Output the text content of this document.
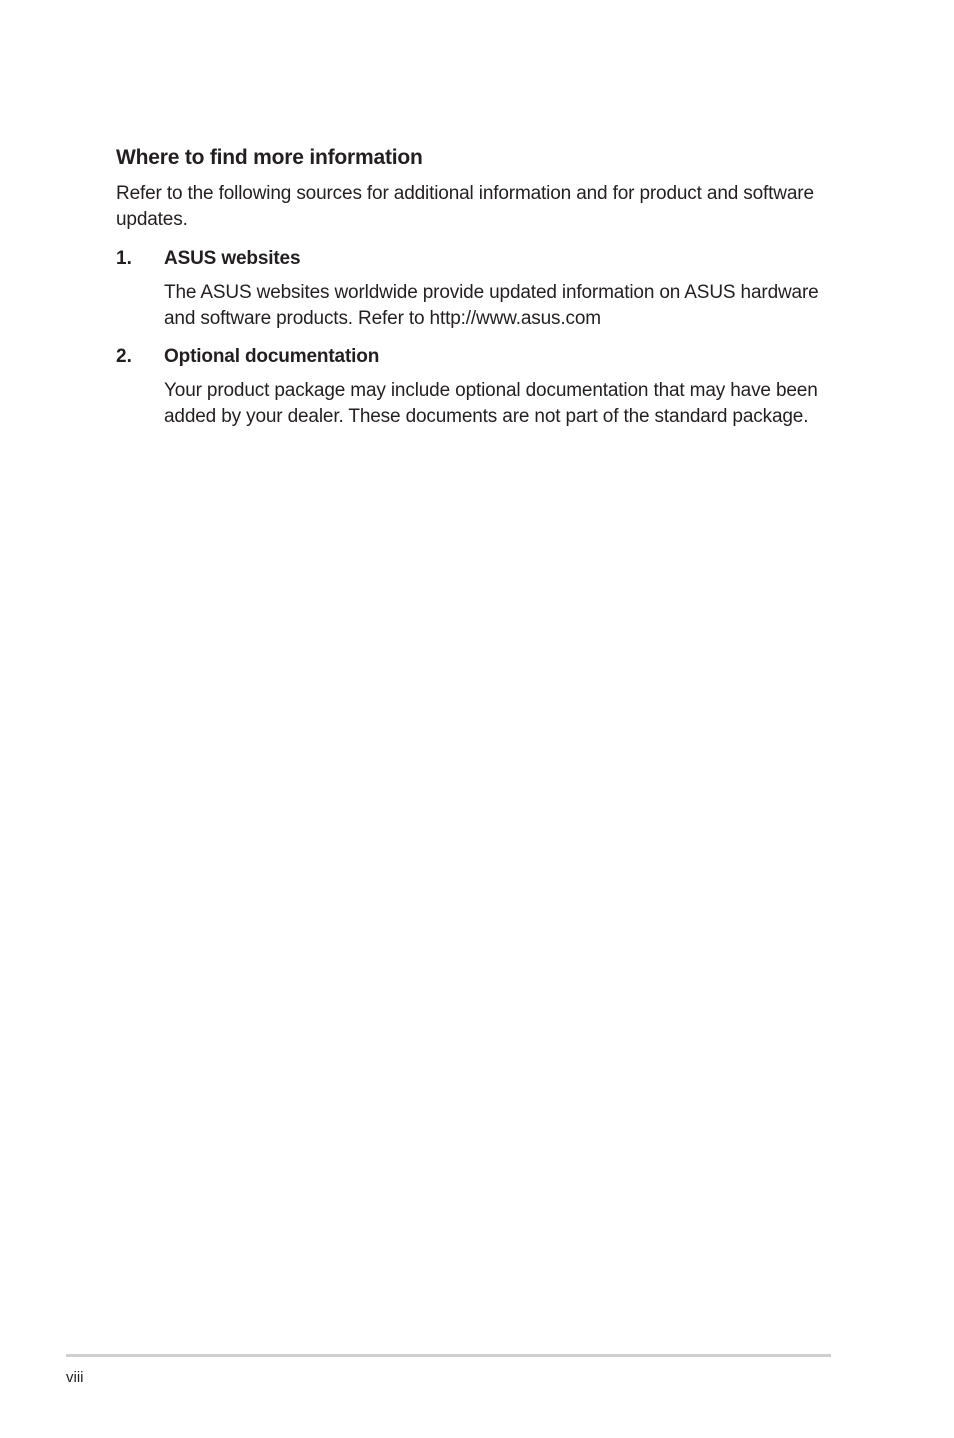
Where to find more information

Refer to the following sources for additional information and for product and software updates.

1. ASUS websites

The ASUS websites worldwide provide updated information on ASUS hardware and software products. Refer to http://www.asus.com

2. Optional documentation

Your product package may include optional documentation that may have been added by your dealer. These documents are not part of the standard package.

viii
